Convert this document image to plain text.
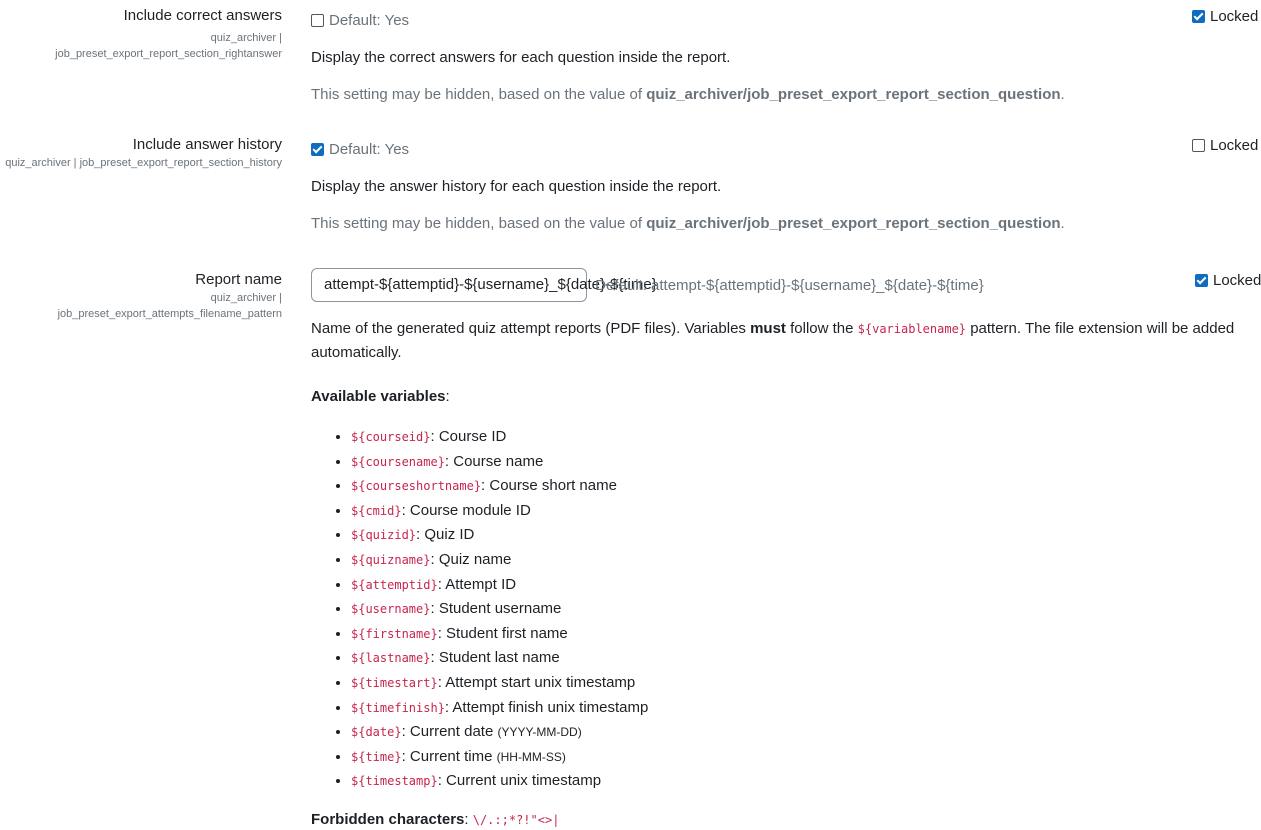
Include correct answers
quiz_archiver |
job_preset_export_report_section_rightanswer
Default: Yes

Display the correct answers for each question inside the report.

This setting may be hidden, based on the value of quiz_archiver/job_preset_export_report_section_question.
Locked
Include answer history
quiz_archiver | job_preset_export_report_section_history
Default: Yes

Display the answer history for each question inside the report.

This setting may be hidden, based on the value of quiz_archiver/job_preset_export_report_section_question.
Locked
Report name
quiz_archiver |
job_preset_export_attempts_filename_pattern
attempt-${attemptid}-${username}_${date}-${time} Default: attempt-${attemptid}-${username}_${date}-${time}

Name of the generated quiz attempt reports (PDF files). Variables must follow the ${variablename} pattern. The file extension will be added automatically.

Available variables:
• ${courseid}: Course ID
• ${coursename}: Course name
• ${courseshortname}: Course short name
• ${cmid}: Course module ID
• ${quizid}: Quiz ID
• ${quizname}: Quiz name
• ${attemptid}: Attempt ID
• ${username}: Student username
• ${firstname}: Student first name
• ${lastname}: Student last name
• ${timestart}: Attempt start unix timestamp
• ${timefinish}: Attempt finish unix timestamp
• ${date}: Current date (YYYY-MM-DD)
• ${time}: Current time (HH-MM-SS)
• ${timestamp}: Current unix timestamp
Forbidden characters: \/.:;*?!"<>|
Locked
